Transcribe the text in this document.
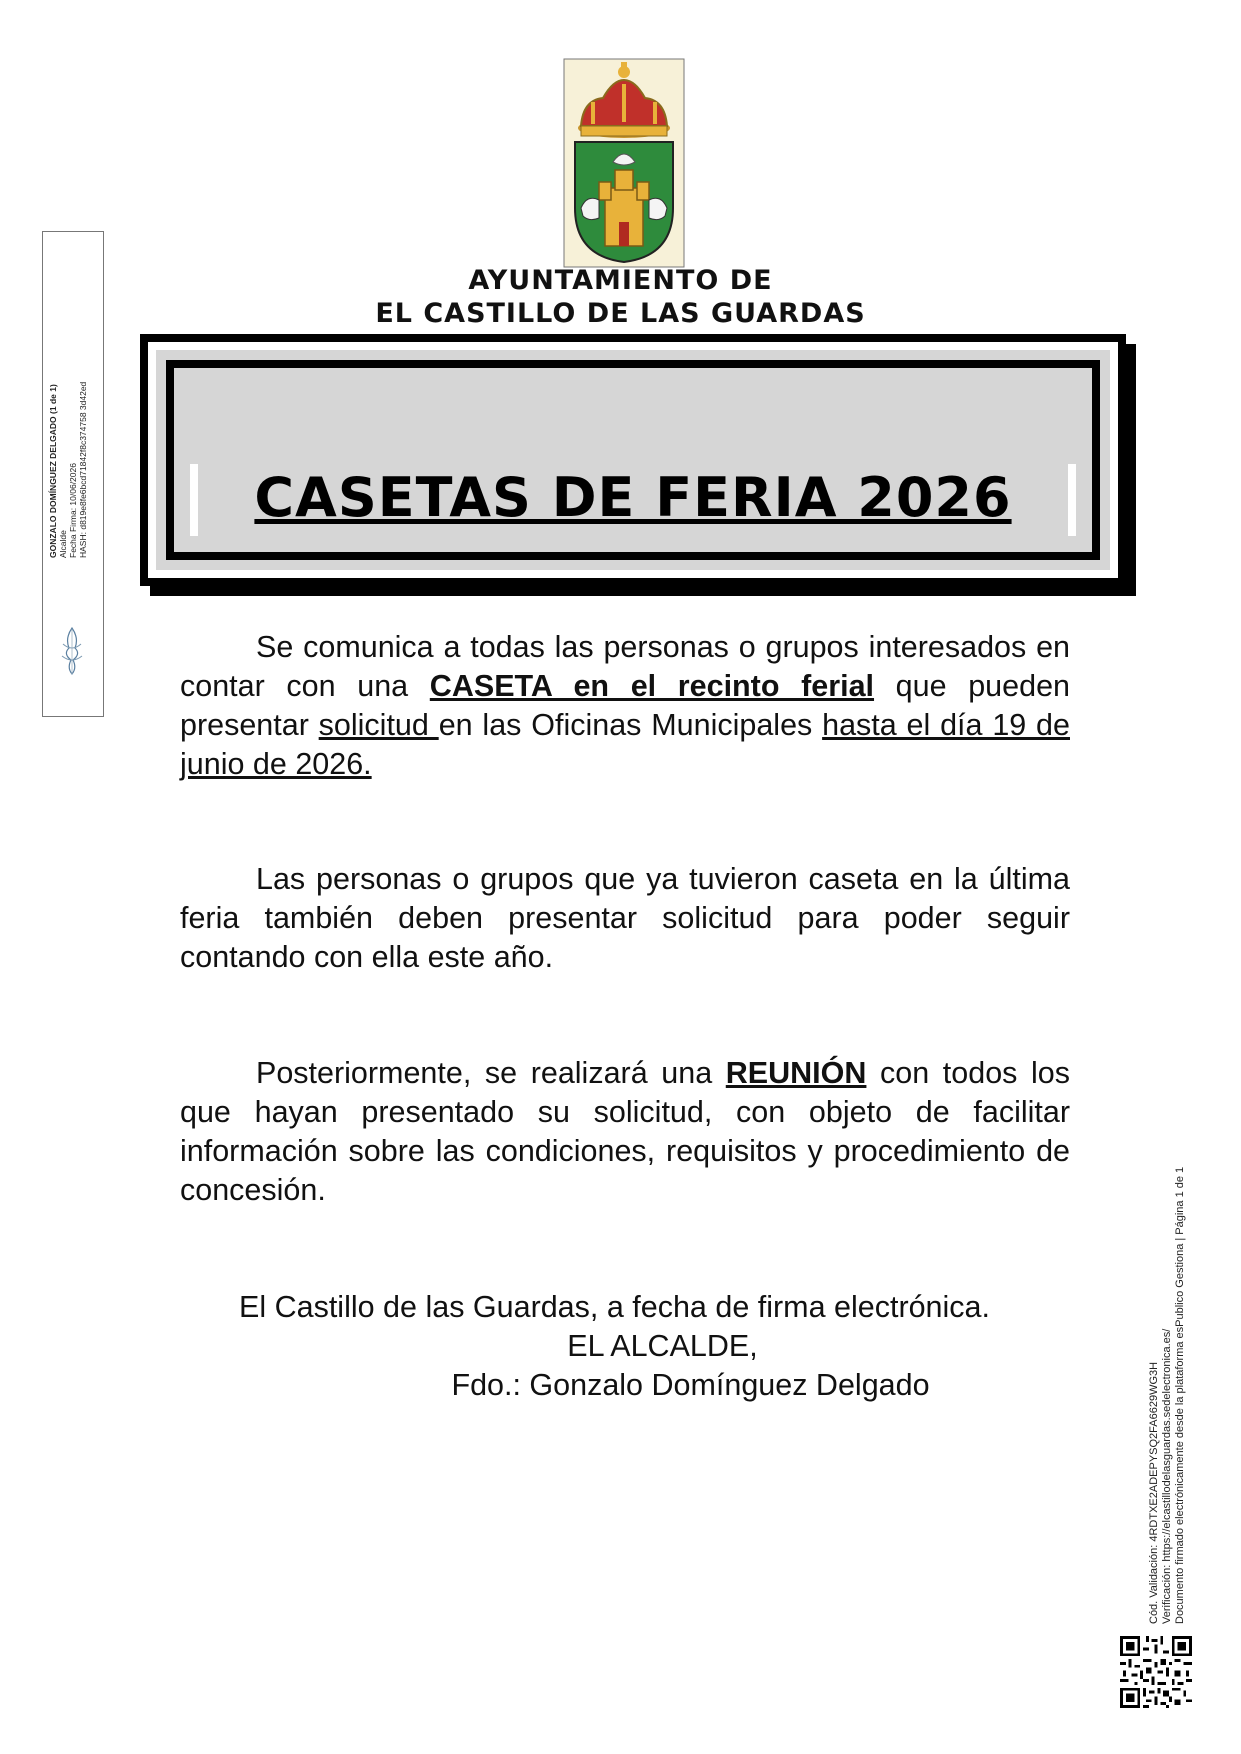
AYUNTAMIENTO DE
EL CASTILLO DE LAS GUARDAS
CASETAS DE FERIA 2026
Se comunica a todas las personas o grupos interesados en contar con una CASETA en el recinto ferial que pueden presentar solicitud en las Oficinas Municipales hasta el día 19 de junio de 2026.
Las personas o grupos que ya tuvieron caseta en la última feria también deben presentar solicitud para poder seguir contando con ella este año.
Posteriormente, se realizará una REUNIÓN con todos los que hayan presentado su solicitud, con objeto de facilitar información sobre las condiciones, requisitos y procedimiento de concesión.
El Castillo de las Guardas, a fecha de firma electrónica.
EL ALCALDE,
Fdo.: Gonzalo Domínguez Delgado
GONZALO DOMÍNGUEZ DELGADO (1 de 1) Alcalde Fecha Firma: 10/06/2026 HASH: d819e8fe6bcd71842f8c374758 3d42ed
Cód. Validación: 4RDTXE2ADEPYSQ2FA6629WG3H Verificación: https://elcastillodelasguardas.sedelectronica.es/ Documento firmado electrónicamente desde la plataforma esPublico Gestiona | Página 1 de 1
